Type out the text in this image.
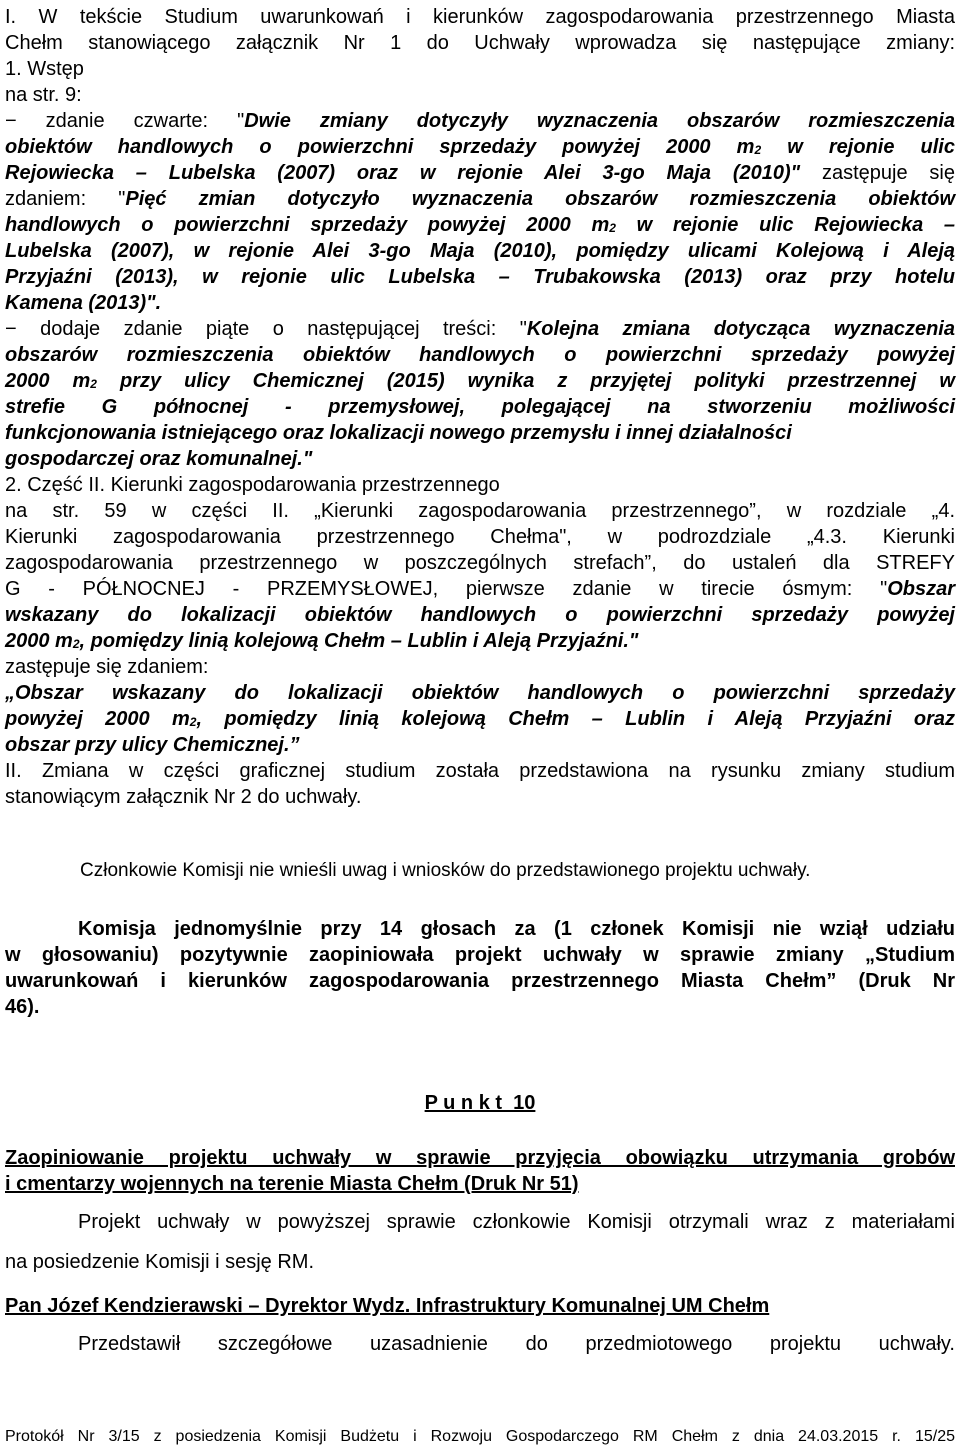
I. W tekście Studium uwarunkowań i kierunków zagospodarowania przestrzennego Miasta
Chełm stanowiącego załącznik Nr 1 do Uchwały wprowadza się następujące zmiany:
1. Wstęp
na str. 9:
− zdanie czwarte: "Dwie zmiany dotyczyły wyznaczenia obszarów rozmieszczenia
obiektów handlowych o powierzchni sprzedaży powyżej 2000 $m_2$ w rejonie ulic
Rejowiecka – Lubelska (2007) oraz w rejonie Alei 3-go Maja (2010)" zastępuje się
zdaniem: "Pięć zmian dotyczyło wyznaczenia obszarów rozmieszczenia obiektów
handlowych o powierzchni sprzedaży powyżej 2000 $m_2$ w rejonie ulic Rejowiecka –
Lubelska (2007), w rejonie Alei 3-go Maja (2010), pomiędzy ulicami Kolejową i Aleją
Przyjaźni (2013), w rejonie ulic Lubelska – Trubakowska (2013) oraz przy hotelu
Kamena (2013)".
− dodaje zdanie piąte o następującej treści: "Kolejna zmiana dotycząca wyznaczenia
obszarów rozmieszczenia obiektów handlowych o powierzchni sprzedaży powyżej
2000 $m_2$ przy ulicy Chemicznej (2015) wynika z przyjętej polityki przestrzennej w
strefie G północnej - przemysłowej, polegającej na stworzeniu możliwości
funkcjonowania istniejącego oraz lokalizacji nowego przemysłu i innej działalności
gospodarczej oraz komunalnej."
2. Część II. Kierunki zagospodarowania przestrzennego
na str. 59 w części II. „Kierunki zagospodarowania przestrzennego”, w rozdziale „4.
Kierunki zagospodarowania przestrzennego Chełma", w podrozdziale „4.3. Kierunki
zagospodarowania przestrzennego w poszczególnych strefach”, do ustaleń dla STREFY
G - PÓŁNOCNEJ - PRZEMYSŁOWEJ, pierwsze zdanie w tirecie ósmym: "Obszar
wskazany do lokalizacji obiektów handlowych o powierzchni sprzedaży powyżej
2000 $m_2$, pomiędzy linią kolejową Chełm – Lublin i Aleją Przyjaźni."
zastępuje się zdaniem:
„Obszar wskazany do lokalizacji obiektów handlowych o powierzchni sprzedaży
powyżej 2000 $m_2$, pomiędzy linią kolejową Chełm – Lublin i Aleją Przyjaźni oraz
obszar przy ulicy Chemicznej.”
II. Zmiana w części graficznej studium została przedstawiona na rysunku zmiany studium
stanowiącym załącznik Nr 2 do uchwały.
Członkowie Komisji nie wnieśli uwag i wniosków do przedstawionego projektu uchwały.
Komisja jednomyślnie przy 14 głosach za (1 członek Komisji nie wziął udziału
w głosowaniu) pozytywnie zaopiniowała projekt uchwały w sprawie zmiany „Studium
uwarunkowań i kierunków zagospodarowania przestrzennego Miasta Chełm” (Druk Nr
46).
P u n k t  10
Zaopiniowanie projektu uchwały w sprawie przyjęcia obowiązku utrzymania grobów
i cmentarzy wojennych na terenie Miasta Chełm (Druk Nr 51)
Projekt uchwały w powyższej sprawie członkowie Komisji otrzymali wraz z materiałami
na posiedzenie Komisji i sesję RM.
Pan Józef Kendzierawski – Dyrektor Wydz. Infrastruktury Komunalnej UM Chełm
Przedstawił szczegółowe uzasadnienie do przedmiotowego projektu uchwały.
Protokół Nr 3/15 z posiedzenia Komisji Budżetu i Rozwoju Gospodarczego RM Chełm z dnia 24.03.2015 r. 15/25
